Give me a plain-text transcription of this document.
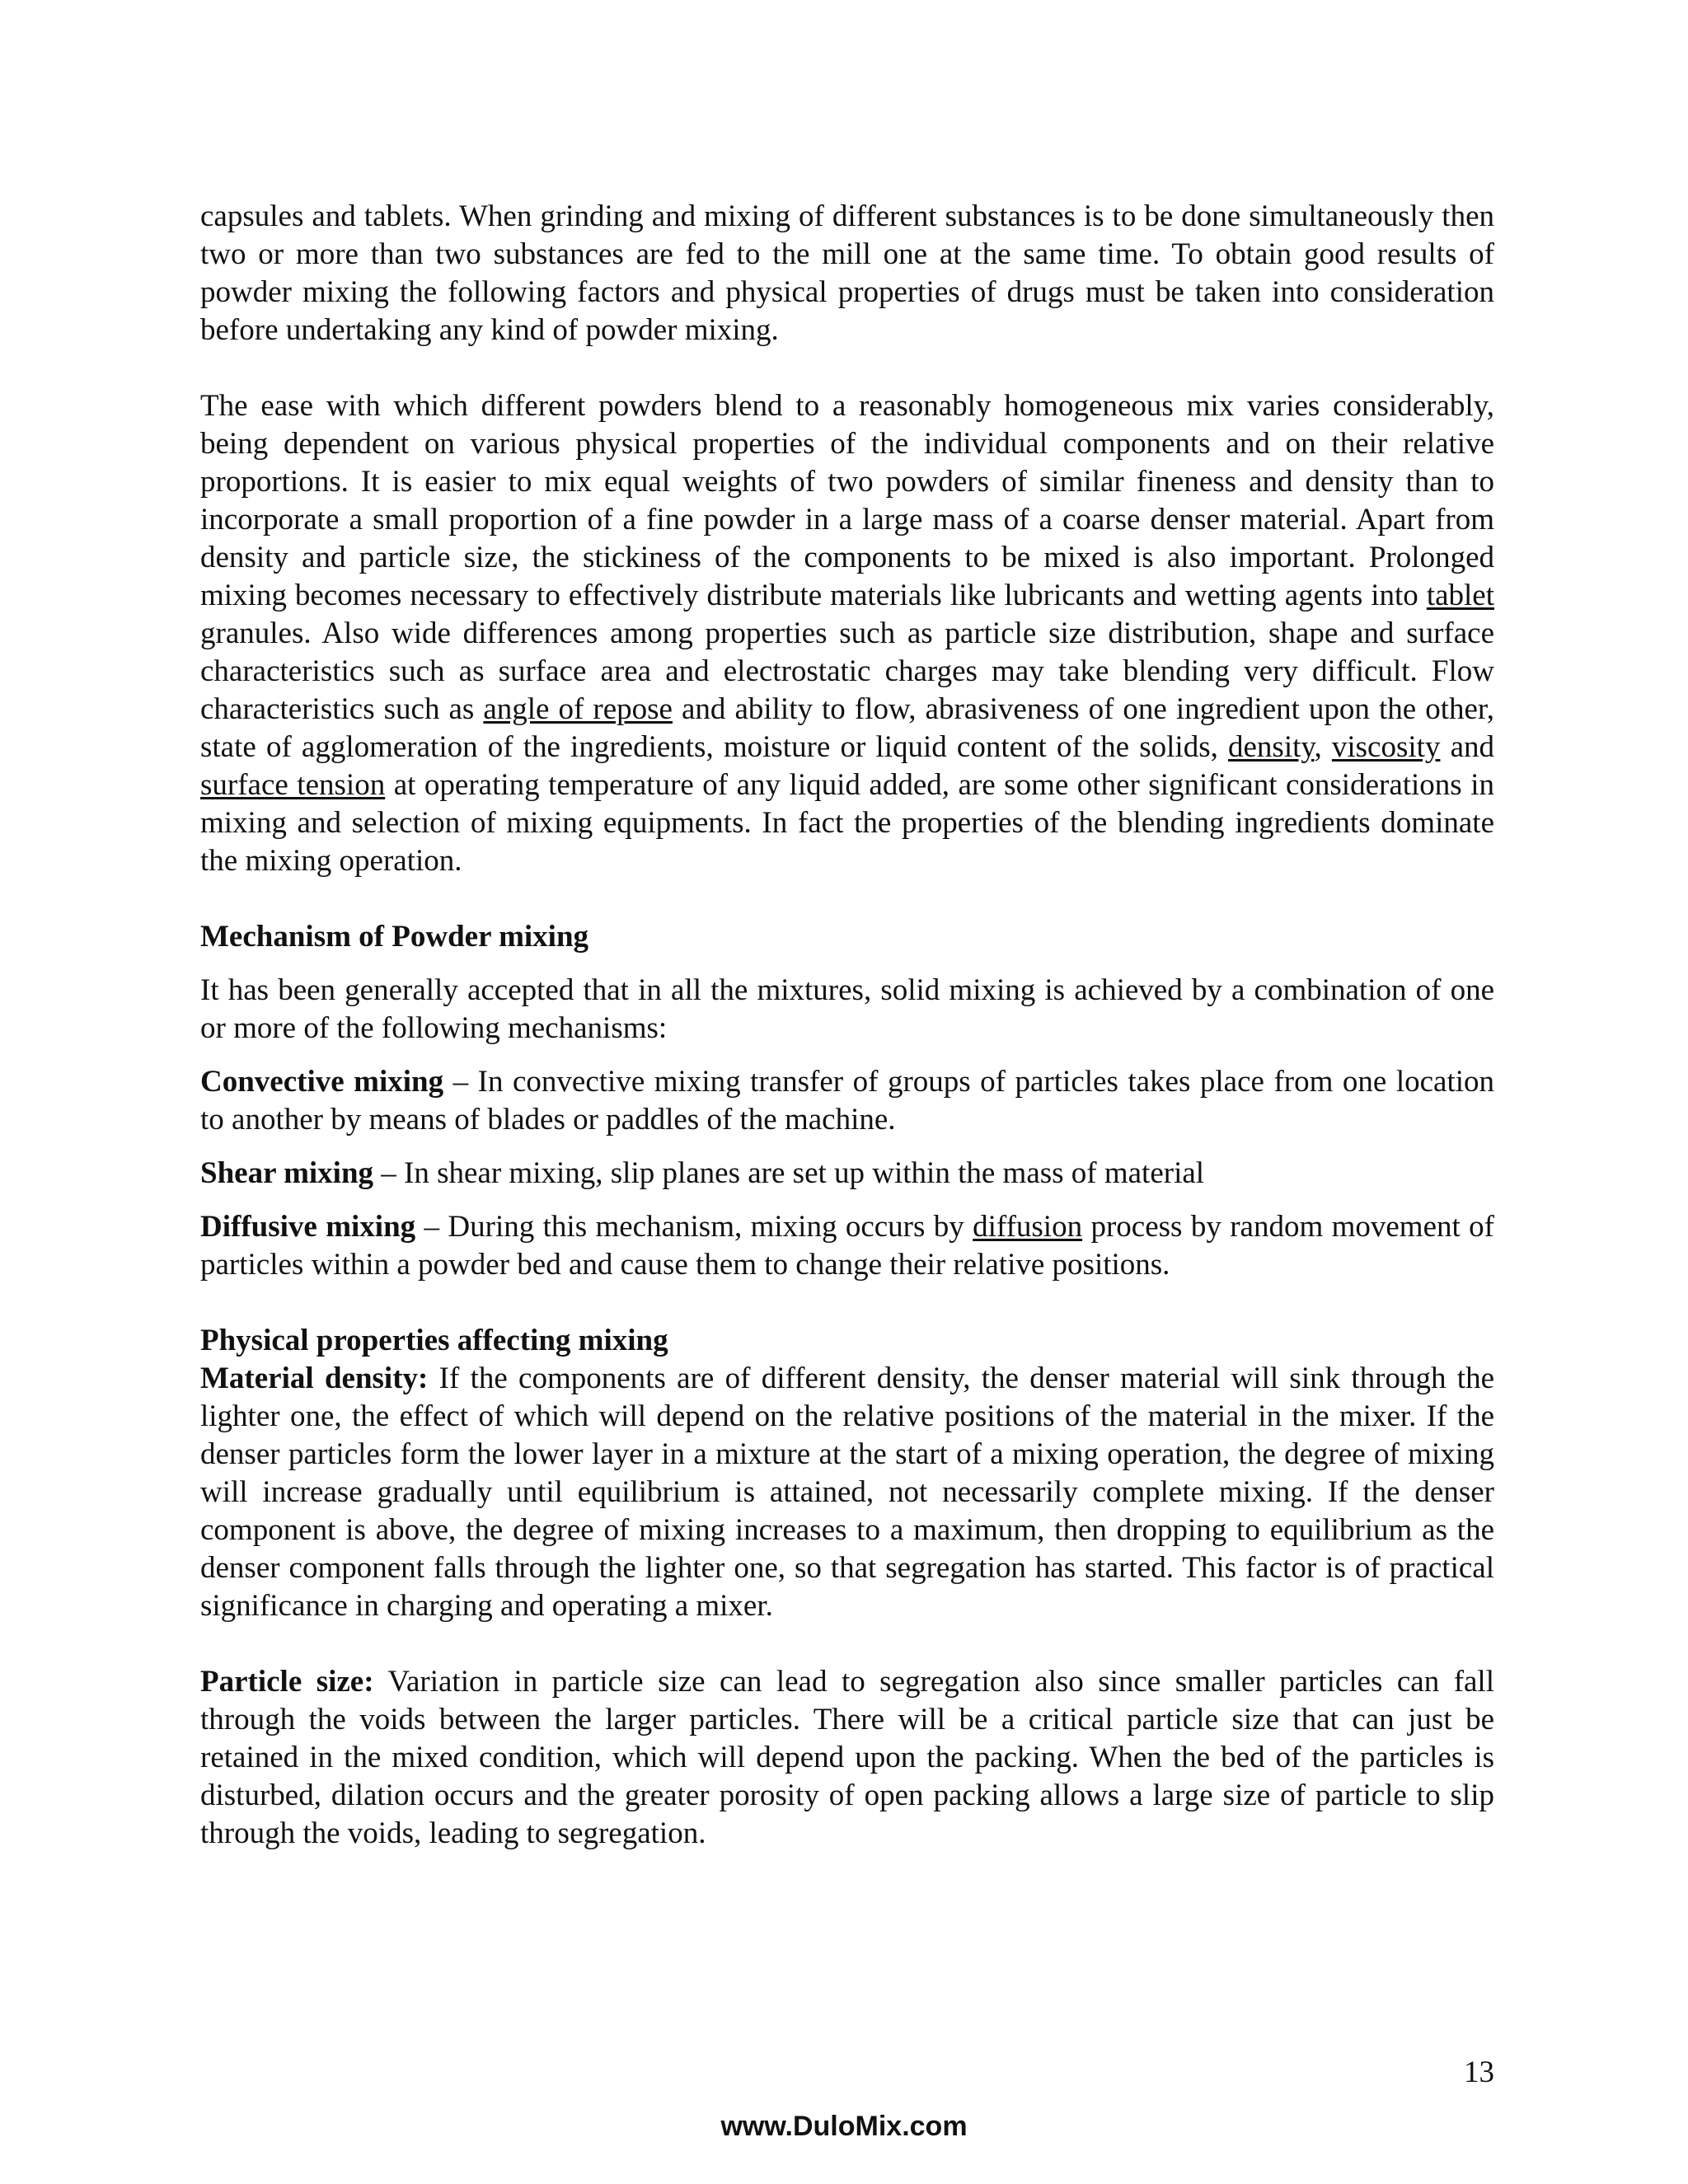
capsules and tablets. When grinding and mixing of different substances is to be done simultaneously then two or more than two substances are fed to the mill one at the same time. To obtain good results of powder mixing the following factors and physical properties of drugs must be taken into consideration before undertaking any kind of powder mixing.

The ease with which different powders blend to a reasonably homogeneous mix varies considerably, being dependent on various physical properties of the individual components and on their relative proportions. It is easier to mix equal weights of two powders of similar fineness and density than to incorporate a small proportion of a fine powder in a large mass of a coarse denser material. Apart from density and particle size, the stickiness of the components to be mixed is also important. Prolonged mixing becomes necessary to effectively distribute materials like lubricants and wetting agents into tablet granules. Also wide differences among properties such as particle size distribution, shape and surface characteristics such as surface area and electrostatic charges may take blending very difficult. Flow characteristics such as angle of repose and ability to flow, abrasiveness of one ingredient upon the other, state of agglomeration of the ingredients, moisture or liquid content of the solids, density, viscosity and surface tension at operating temperature of any liquid added, are some other significant considerations in mixing and selection of mixing equipments. In fact the properties of the blending ingredients dominate the mixing operation.

Mechanism of Powder mixing

It has been generally accepted that in all the mixtures, solid mixing is achieved by a combination of one or more of the following mechanisms:

Convective mixing – In convective mixing transfer of groups of particles takes place from one location to another by means of blades or paddles of the machine.

Shear mixing – In shear mixing, slip planes are set up within the mass of material

Diffusive mixing – During this mechanism, mixing occurs by diffusion process by random movement of particles within a powder bed and cause them to change their relative positions.

Physical properties affecting mixing

Material density: If the components are of different density, the denser material will sink through the lighter one, the effect of which will depend on the relative positions of the material in the mixer. If the denser particles form the lower layer in a mixture at the start of a mixing operation, the degree of mixing will increase gradually until equilibrium is attained, not necessarily complete mixing. If the denser component is above, the degree of mixing increases to a maximum, then dropping to equilibrium as the denser component falls through the lighter one, so that segregation has started. This factor is of practical significance in charging and operating a mixer.

Particle size: Variation in particle size can lead to segregation also since smaller particles can fall through the voids between the larger particles. There will be a critical particle size that can just be retained in the mixed condition, which will depend upon the packing. When the bed of the particles is disturbed, dilation occurs and the greater porosity of open packing allows a large size of particle to slip through the voids, leading to segregation.

13
www.DuloMix.com
